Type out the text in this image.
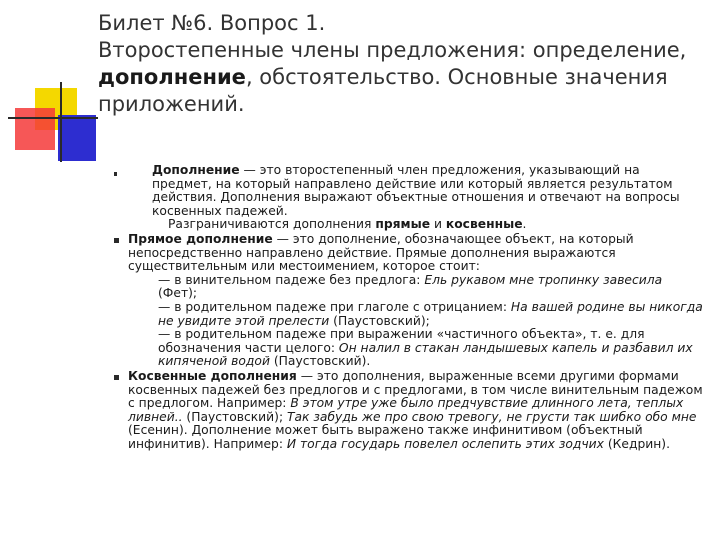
Билет №6. Вопрос 1.
Второстепенные члены предложения: определение,
дополнение, обстоятельство. Основные значения
приложений.

Дополнение — это второстепенный член предложения, указывающий на предмет, на который направлено действие или который является результатом действия. Дополнения выражают объектные отношения и отвечают на вопросы косвенных падежей.

Разграничиваются дополнения прямые и косвенные.

Прямое дополнение — это дополнение, обозначающее объект, на который непосредственно направлено действие. Прямые дополнения выражаются существительным или местоимением, которое стоит:

— в винительном падеже без предлога: Ель рукавом мне тропинку завесила (Фет);

— в родительном падеже при глаголе с отрицанием: На вашей родине вы никогда не увидите этой прелести (Паустовский);

— в родительном падеже при выражении «частичного объекта», т. е. для обозначения части целого: Он налил в стакан ландышевых капель и разбавил их кипяченой водой (Паустовский).

Косвенные дополнения — это дополнения, выраженные всеми другими формами косвенных падежей без предлогов и с предлогами, в том числе винительным падежом с предлогом. Например: В этом утре уже было предчувствие длинного лета, теплых ливней.. (Паустовский); Так забудь же про свою тревогу, не грусти так шибко обо мне (Есенин). Дополнение может быть выражено также инфинитивом (объектный инфинитив). Например: И тогда государь повелел ослепить этих зодчих (Кедрин).
